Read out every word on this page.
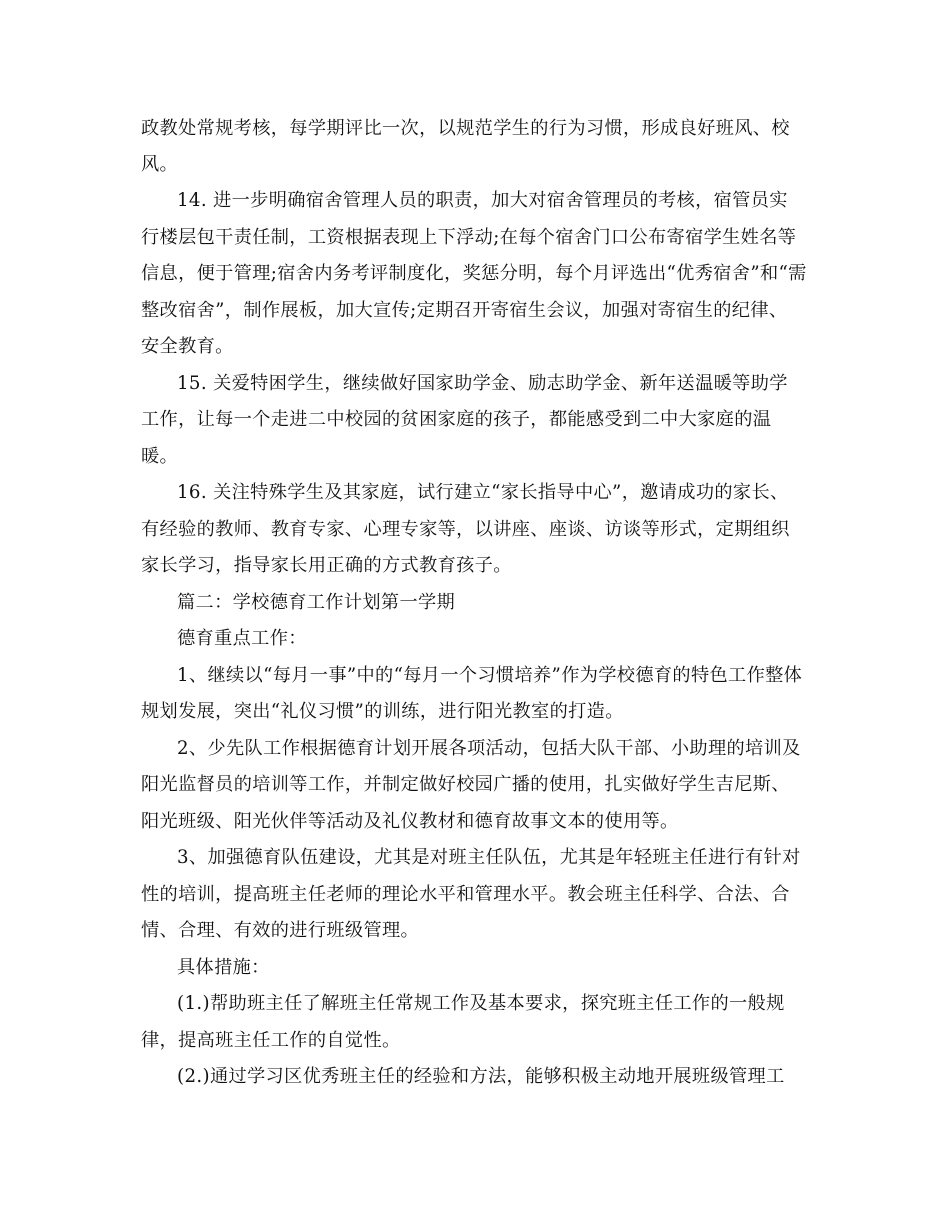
政教处常规考核，每学期评比一次，以规范学生的行为习惯，形成良好班风、校
风。
14. 进一步明确宿舍管理人员的职责，加大对宿舍管理员的考核，宿管员实
行楼层包干责任制，工资根据表现上下浮动;在每个宿舍门口公布寄宿学生姓名等
信息，便于管理;宿舍内务考评制度化，奖惩分明，每个月评选出“优秀宿舍”和“需
整改宿舍”，制作展板，加大宣传;定期召开寄宿生会议，加强对寄宿生的纪律、
安全教育。
15. 关爱特困学生，继续做好国家助学金、励志助学金、新年送温暖等助学
工作，让每一个走进二中校园的贫困家庭的孩子，都能感受到二中大家庭的温
暖。
16. 关注特殊学生及其家庭，试行建立“家长指导中心”，邀请成功的家长、
有经验的教师、教育专家、心理专家等，以讲座、座谈、访谈等形式，定期组织
家长学习，指导家长用正确的方式教育孩子。
篇二：学校德育工作计划第一学期
德育重点工作：
1、继续以“每月一事”中的“每月一个习惯培养”作为学校德育的特色工作整体
规划发展，突出“礼仪习惯”的训练，进行阳光教室的打造。
2、少先队工作根据德育计划开展各项活动，包括大队干部、小助理的培训及
阳光监督员的培训等工作，并制定做好校园广播的使用，扎实做好学生吉尼斯、
阳光班级、阳光伙伴等活动及礼仪教材和德育故事文本的使用等。
3、加强德育队伍建设，尤其是对班主任队伍，尤其是年轻班主任进行有针对
性的培训，提高班主任老师的理论水平和管理水平。教会班主任科学、合法、合
情、合理、有效的进行班级管理。
具体措施：
(1.)帮助班主任了解班主任常规工作及基本要求，探究班主任工作的一般规
律，提高班主任工作的自觉性。
(2.)通过学习区优秀班主任的经验和方法，能够积极主动地开展班级管理工
